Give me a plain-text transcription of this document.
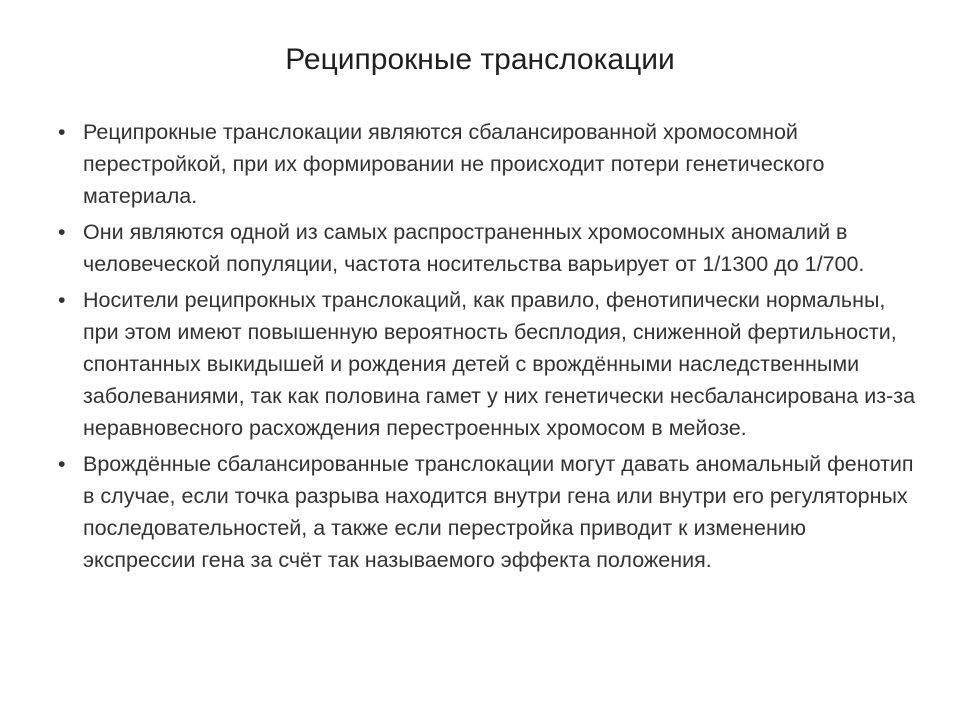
Реципрокные транслокации
• Реципрокные транслокации являются сбалансированной хромосомной перестройкой, при их формировании не происходит потери генетического материала.
• Они являются одной из самых распространенных хромосомных аномалий в человеческой популяции, частота носительства варьирует от 1/1300 до 1/700.
• Носители реципрокных транслокаций, как правило, фенотипически нормальны, при этом имеют повышенную вероятность бесплодия, сниженной фертильности, спонтанных выкидышей и рождения детей с врождёнными наследственными заболеваниями, так как половина гамет у них генетически несбалансирована из-за неравновесного расхождения перестроенных хромосом в мейозе.
• Врождённые сбалансированные транслокации могут давать аномальный фенотип в случае, если точка разрыва находится внутри гена или внутри его регуляторных последовательностей, а также если перестройка приводит к изменению экспрессии гена за счёт так называемого эффекта положения.
